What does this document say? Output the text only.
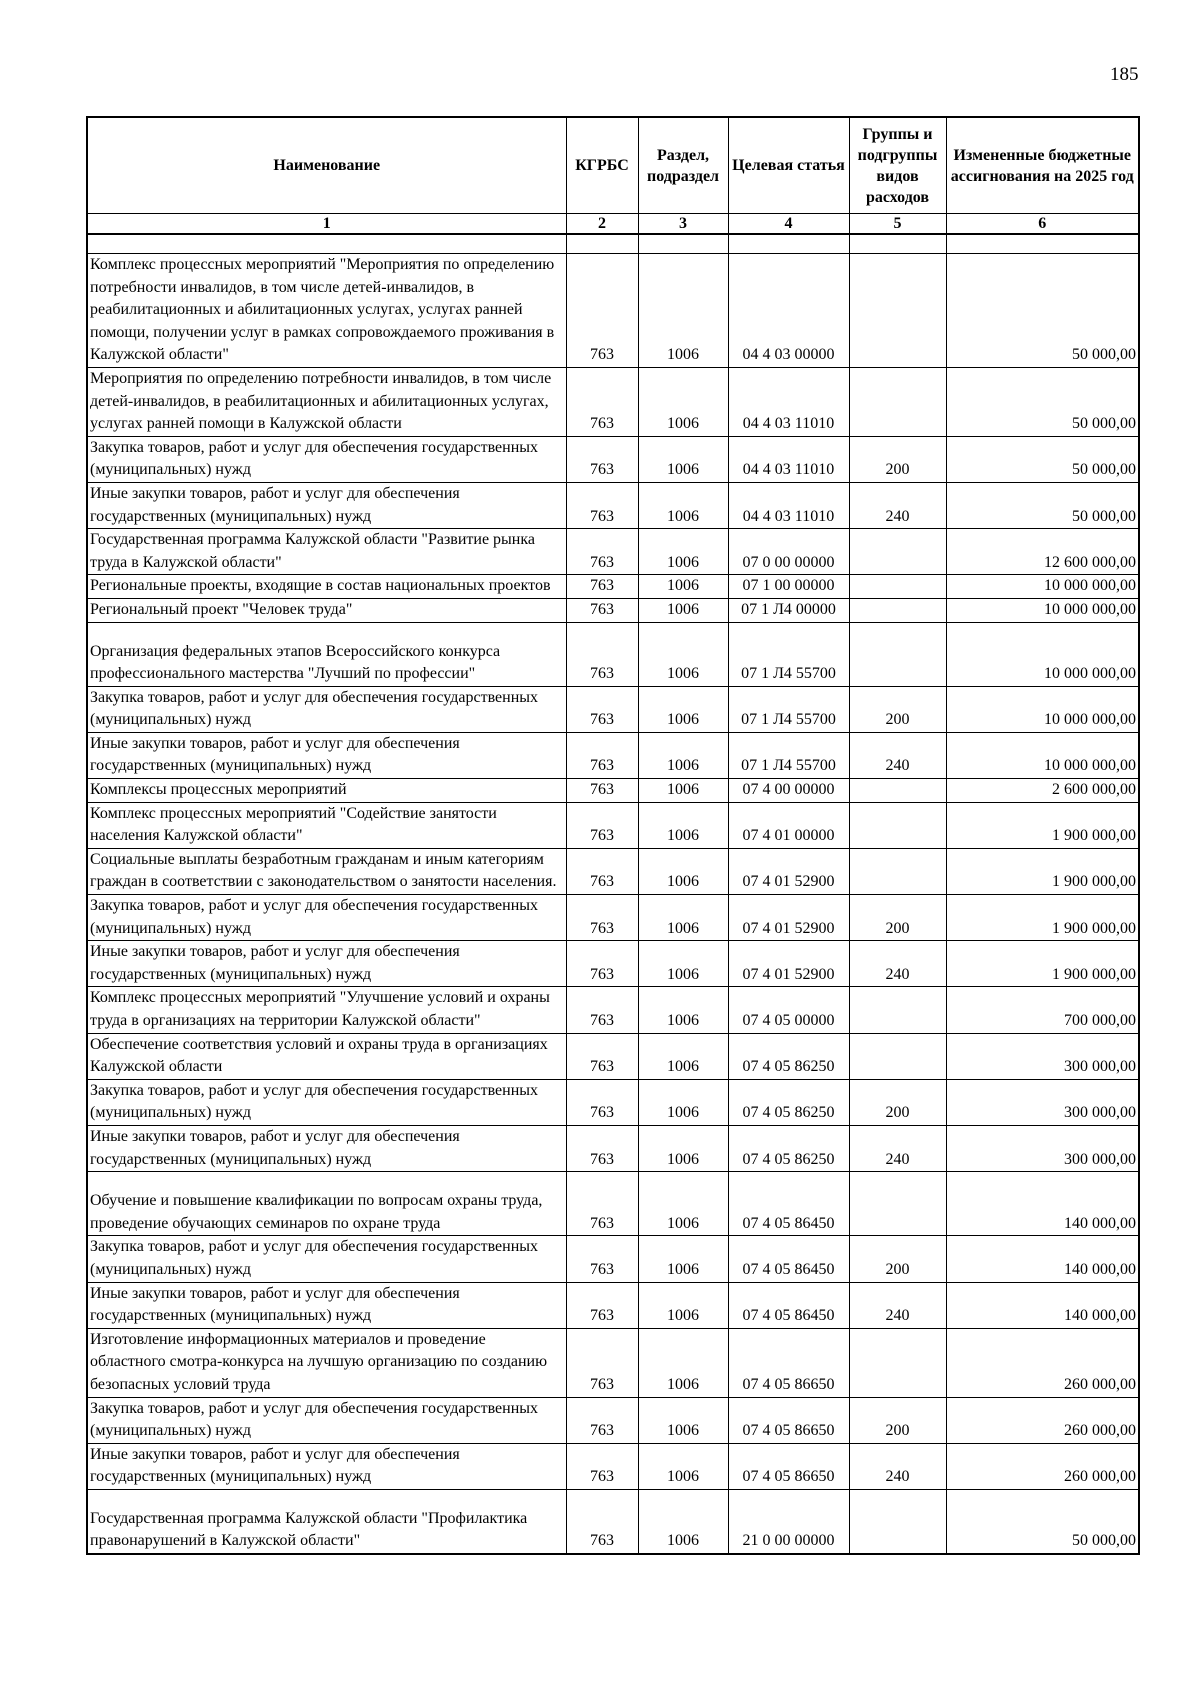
185
Наименование	КГРБС	Раздел, подраздел	Целевая статья	Группы и подгруппы видов расходов	Измененные бюджетные ассигнования на 2025 год
1	2	3	4	5	6

Комплекс процессных мероприятий "Мероприятия по определению потребности инвалидов, в том числе детей-инвалидов, в реабилитационных и абилитационных услугах, услугах ранней помощи, получении услуг в рамках сопровождаемого проживания в Калужской области"	763	1006	04 4 03 00000		50 000,00
Мероприятия по определению потребности инвалидов, в том числе детей-инвалидов, в реабилитационных и абилитационных услугах, услугах ранней помощи в Калужской области	763	1006	04 4 03 11010		50 000,00
Закупка товаров, работ и услуг для обеспечения государственных (муниципальных) нужд	763	1006	04 4 03 11010	200	50 000,00
Иные закупки товаров, работ и услуг для обеспечения государственных (муниципальных) нужд	763	1006	04 4 03 11010	240	50 000,00
Государственная программа Калужской области "Развитие рынка труда в Калужской области"	763	1006	07 0 00 00000		12 600 000,00
Региональные проекты, входящие в состав национальных проектов	763	1006	07 1 00 00000		10 000 000,00
Региональный проект "Человек труда"	763	1006	07 1 Л4 00000		10 000 000,00
Организация федеральных этапов Всероссийского конкурса профессионального мастерства "Лучший по профессии"	763	1006	07 1 Л4 55700		10 000 000,00
Закупка товаров, работ и услуг для обеспечения государственных (муниципальных) нужд	763	1006	07 1 Л4 55700	200	10 000 000,00
Иные закупки товаров, работ и услуг для обеспечения государственных (муниципальных) нужд	763	1006	07 1 Л4 55700	240	10 000 000,00
Комплексы процессных мероприятий	763	1006	07 4 00 00000		2 600 000,00
Комплекс процессных мероприятий "Содействие занятости населения Калужской области"	763	1006	07 4 01 00000		1 900 000,00
Социальные выплаты безработным гражданам и иным категориям граждан в соответствии с законодательством о занятости населения.	763	1006	07 4 01 52900		1 900 000,00
Закупка товаров, работ и услуг для обеспечения государственных (муниципальных) нужд	763	1006	07 4 01 52900	200	1 900 000,00
Иные закупки товаров, работ и услуг для обеспечения государственных (муниципальных) нужд	763	1006	07 4 01 52900	240	1 900 000,00
Комплекс процессных мероприятий "Улучшение условий и охраны труда в организациях на территории Калужской области"	763	1006	07 4 05 00000		700 000,00
Обеспечение соответствия условий и охраны труда в организациях Калужской области	763	1006	07 4 05 86250		300 000,00
Закупка товаров, работ и услуг для обеспечения государственных (муниципальных) нужд	763	1006	07 4 05 86250	200	300 000,00
Иные закупки товаров, работ и услуг для обеспечения государственных (муниципальных) нужд	763	1006	07 4 05 86250	240	300 000,00
Обучение и повышение квалификации по вопросам охраны труда, проведение обучающих семинаров по охране труда	763	1006	07 4 05 86450		140 000,00
Закупка товаров, работ и услуг для обеспечения государственных (муниципальных) нужд	763	1006	07 4 05 86450	200	140 000,00
Иные закупки товаров, работ и услуг для обеспечения государственных (муниципальных) нужд	763	1006	07 4 05 86450	240	140 000,00
Изготовление информационных материалов и проведение областного смотра-конкурса на лучшую организацию по созданию безопасных условий труда	763	1006	07 4 05 86650		260 000,00
Закупка товаров, работ и услуг для обеспечения государственных (муниципальных) нужд	763	1006	07 4 05 86650	200	260 000,00
Иные закупки товаров, работ и услуг для обеспечения государственных (муниципальных) нужд	763	1006	07 4 05 86650	240	260 000,00
Государственная программа Калужской области "Профилактика правонарушений в Калужской области"	763	1006	21 0 00 00000		50 000,00
